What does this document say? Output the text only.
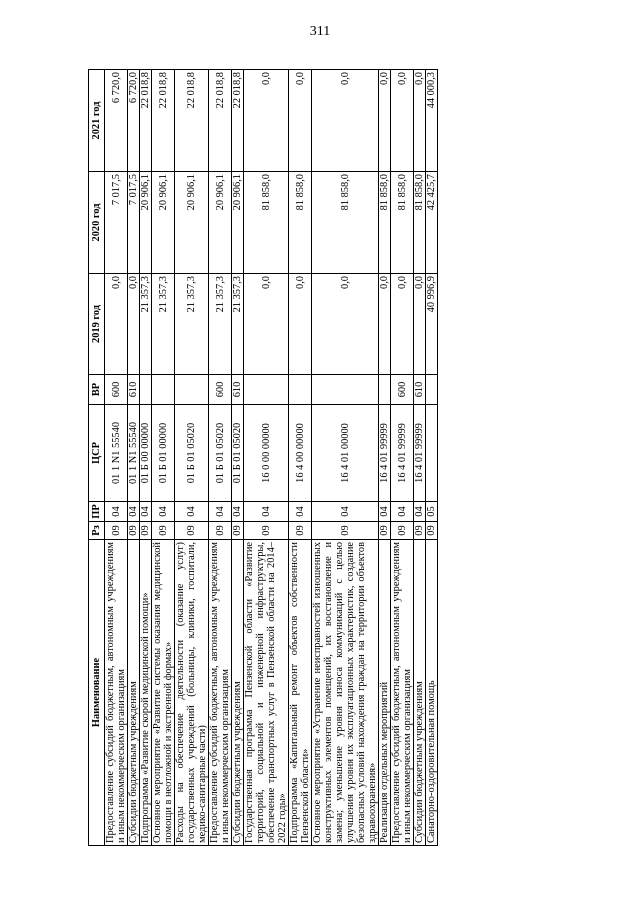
311
Наименование	Рз	ПР	ЦСР	ВР	2019 год	2020 год	2021 год
Предоставление субсидий бюджетным, автономным учреждениям и иным некоммерческим организациям	09	04	01 1 N1 55540	600	0,0	7 017,5	6 720,0
Субсидии бюджетным учреждениям	09	04	01 1 N1 55540	610	0,0	7 017,5	6 720,0
Подпрограмма «Развитие скорой медицинской помощи»	09	04	01 Б 00 00000		21 357,3	20 906,1	22 018,8
Основное мероприятие «Развитие системы оказания медицинской помощи в неотложной и экстренной формах»	09	04	01 Б 01 00000		21 357,3	20 906,1	22 018,8
Расходы на обеспечение деятельности (оказание услуг) государственных учреждений (больницы, клиники, госпитали, медико-санитарные части)	09	04	01 Б 01 05020		21 357,3	20 906,1	22 018,8
Предоставление субсидий бюджетным, автономным учреждениям и иным некоммерческим организациям	09	04	01 Б 01 05020	600	21 357,3	20 906,1	22 018,8
Субсидии бюджетным учреждениям	09	04	01 Б 01 05020	610	21 357,3	20 906,1	22 018,8
Государственная программа Пензенской области «Развитие территорий, социальной и инженерной инфраструктуры, обеспечение транспортных услуг в Пензенской области на 2014–2022 годы»	09	04	16 0 00 00000		0,0	81 858,0	0,0
Подпрограмма «Капитальный ремонт объектов собственности Пензенской области»	09	04	16 4 00 00000		0,0	81 858,0	0,0
Основное мероприятие «Устранение неисправностей изношенных конструктивных элементов помещений, их восстановление и замена; уменьшение уровня износа коммуникаций с целью улучшения уровня их эксплуатационных характеристик, создание безопасных условий нахождения граждан на территории объектов здравоохранения»	09	04	16 4 01 00000		0,0	81 858,0	0,0
Реализация отдельных мероприятий	09	04	16 4 01 99999		0,0	81 858,0	0,0
Предоставление субсидий бюджетным, автономным учреждениям и иным некоммерческим организациям	09	04	16 4 01 99999	600	0,0	81 858,0	0,0
Субсидии бюджетным учреждениям	09	04	16 4 01 99999	610	0,0	81 858,0	0,0
Санаторно-оздоровительная помощь	09	05			40 996,9	42 425,7	44 000,3
